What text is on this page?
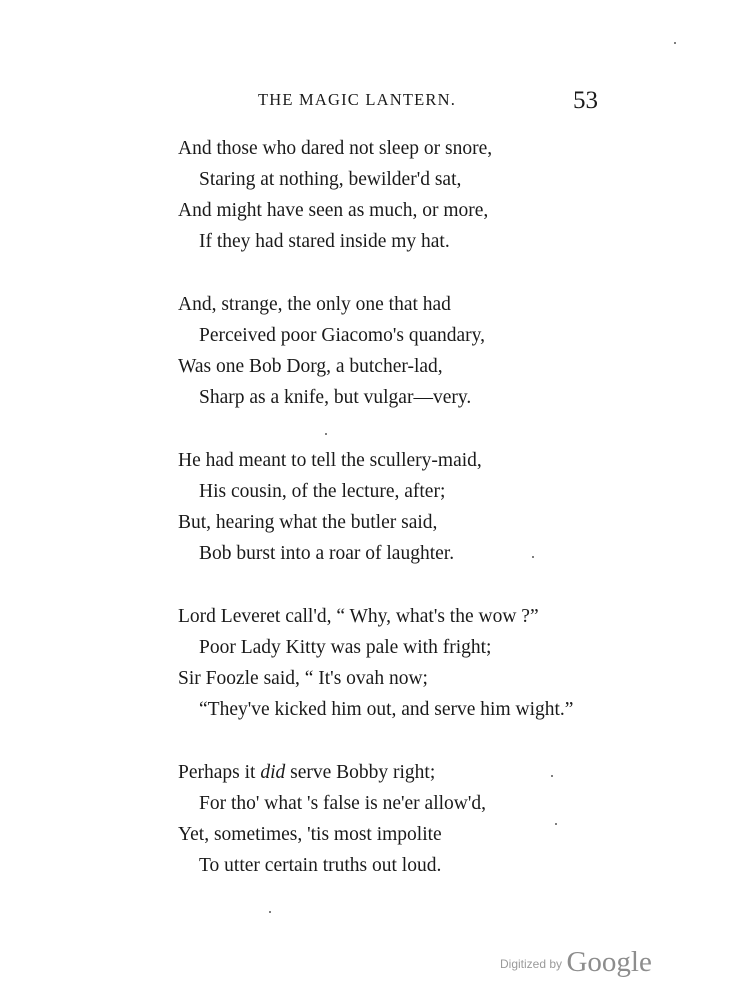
THE MAGIC LANTERN.	53
And those who dared not sleep or snore,
Staring at nothing, bewilder'd sat,
And might have seen as much, or more,
If they had stared inside my hat.
And, strange, the only one that had
Perceived poor Giacomo's quandary,
Was one Bob Dorg, a butcher-lad,
Sharp as a knife, but vulgar—very.
He had meant to tell the scullery-maid,
His cousin, of the lecture, after;
But, hearing what the butler said,
Bob burst into a roar of laughter.
Lord Leveret call'd, “ Why, what's the wow ?”
Poor Lady Kitty was pale with fright;
Sir Foozle said, “ It's ovah now;
“They've kicked him out, and serve him wight.”
Perhaps it did serve Bobby right;
For tho' what 's false is ne'er allow'd,
Yet, sometimes, 'tis most impolite
To utter certain truths out loud.
Digitized by Google
